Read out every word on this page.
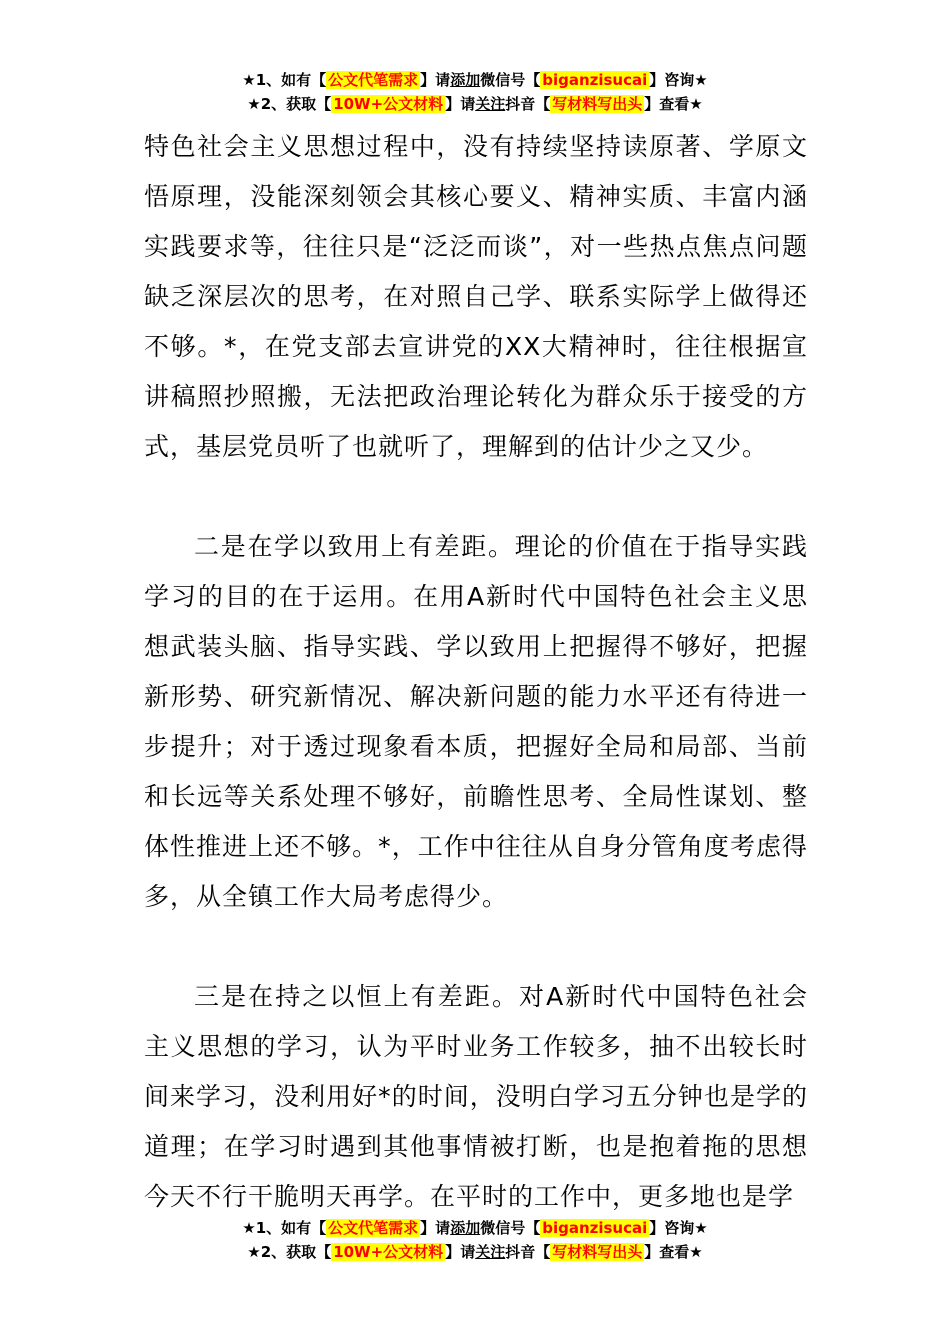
★1、如有【 公文代笔需求 】请添加微信号【 biganzisucai 】咨询★
★2、获取【 10W+公文材料 】请关注抖音【 写材料写出头 】查看★

特色社会主义思想过程中，没有持续坚持读原著、学原文悟原理，没能深刻领会其核心要义、精神实质、丰富内涵实践要求等，往往只是“泛泛而谈”，对一些热点焦点问题缺乏深层次的思考，在对照自己学、联系实际学上做得还不够。*，在党支部去宣讲党的XX大精神时，往往根据宣讲稿照抄照搬，无法把政治理论转化为群众乐于接受的方式，基层党员听了也就听了，理解到的估计少之又少。

二是在学以致用上有差距。理论的价值在于指导实践学习的目的在于运用。在用A新时代中国特色社会主义思想武装头脑、指导实践、学以致用上把握得不够好，把握新形势、研究新情况、解决新问题的能力水平还有待进一步提升；对于透过现象看本质，把握好全局和局部、当前和长远等关系处理不够好，前瞻性思考、全局性谋划、整体性推进上还不够。*，工作中往往从自身分管角度考虑得多，从全镇工作大局考虑得少。

三是在持之以恒上有差距。对A新时代中国特色社会主义思想的学习，认为平时业务工作较多，抽不出较长时间来学习，没利用好*的时间，没明白学习五分钟也是学的道理；在学习时遇到其他事情被打断，也是抱着拖的思想今天不行干脆明天再学。在平时的工作中，更多地也是学

★1、如有【 公文代笔需求 】请添加微信号【 biganzisucai 】咨询★
★2、获取【 10W+公文材料 】请关注抖音【 写材料写出头 】查看★
